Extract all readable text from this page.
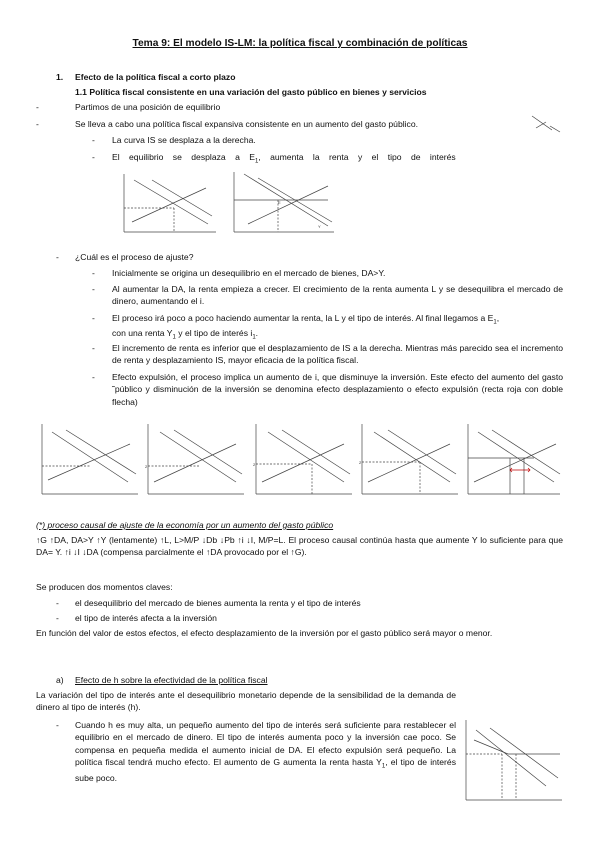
Tema 9: El modelo IS-LM: la política fiscal y combinación de políticas
1. Efecto de la política fiscal a corto plazo
1.1 Política fiscal consistente en una variación del gasto público en bienes y servicios
-	Partimos de una posición de equilibrio
-	Se lleva a cabo una política fiscal expansiva consistente en un aumento del gasto público.
- La curva IS se desplaza a la derecha.
- El equilibrio se desplaza a $E_1$, aumenta la renta y el tipo de interés
E
Y
- ¿Cuál es el proceso de ajuste?
- Inicialmente se origina un desequilibrio en el mercado de bienes, DA>Y.
- Al aumentar la DA, la renta empieza a crecer. El crecimiento de la renta aumenta L y se desequilibra el mercado de dinero, aumentando el i.
- El proceso irá poco a poco haciendo aumentar la renta, la L y el tipo de interés. Al final llegamos a $E_1$,
con una renta $Y_1$ y el tipo de interés $i_1$.
- El incremento de renta es inferior que el desplazamiento de IS a la derecha. Mientras más parecido sea el incremento de renta y desplazamiento IS, mayor eficacia de la política fiscal.
- Efecto expulsión, el proceso implica un aumento de i, que disminuye la inversión. Este efecto del aumento del gasto ˜público y disminución de la inversión se denomina efecto desplazamiento o efecto expulsión (recta roja con doble flecha)
2	2	2
(*) proceso causal de ajuste de la economía por un aumento del gasto público
↑G ↑DA, DA>Y ↑Y (lentamente) ↑L, L>M/P ↓Db ↓Pb ↑i ↓I, M/P=L. El proceso causal continúa hasta que aumente Y lo suficiente para que DA= Y. ↑i ↓I ↓DA (compensa parcialmente el ↑DA provocado por el ↑G).
Se producen dos momentos claves:
- el desequilibrio del mercado de bienes aumenta la renta y el tipo de interés
- el tipo de interés afecta a la inversión
En función del valor de estos efectos, el efecto desplazamiento de la inversión por el gasto público será mayor o menor.
a) Efecto de h sobre la efectividad de la política fiscal
La variación del tipo de interés ante el desequilibrio monetario depende de la sensibilidad de la demanda de dinero al tipo de interés (h).
- Cuando h es muy alta, un pequeño aumento del tipo de interés será suficiente para restablecer el equilibrio en el mercado de dinero. El tipo de interés aumenta poco y la inversión cae poco. Se compensa en pequeña medida el aumento inicial de DA. El efecto expulsión será pequeño. La política fiscal tendrá mucho efecto. El aumento de G aumenta la renta hasta $Y_1$, el tipo de interés sube poco.
